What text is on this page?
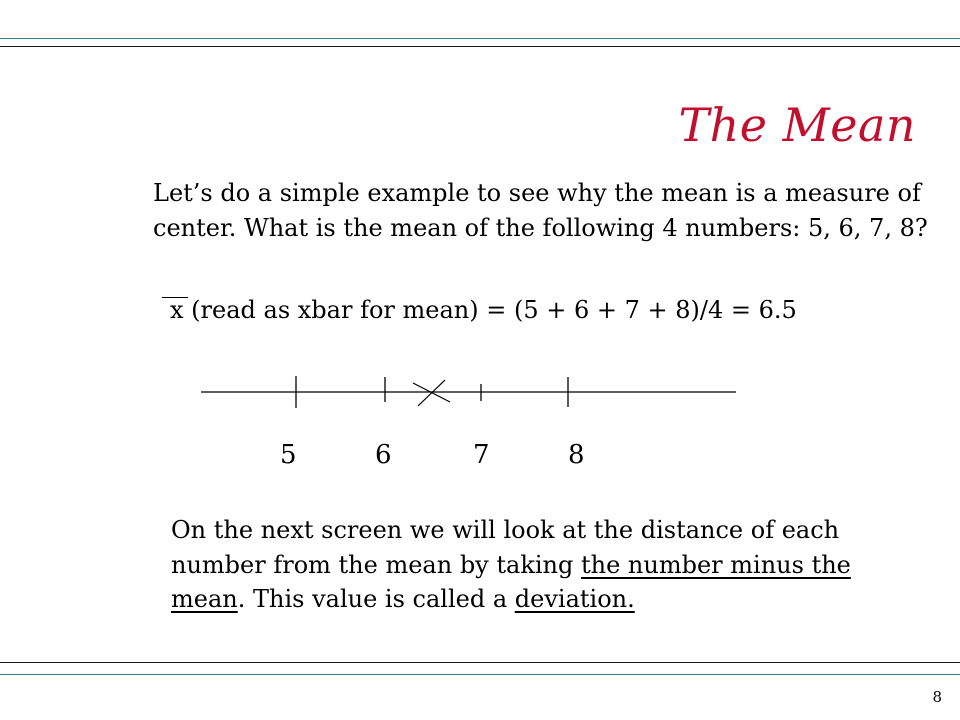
The Mean

Let’s do a simple example to see why the mean is a measure of center. What is the mean of the following 4 numbers: 5, 6, 7, 8?

x (read as xbar for mean) = (5 + 6 + 7 + 8)/4 = 6.5
5	6	7	8

On the next screen we will look at the distance of each number from the mean by taking the number minus the mean. This value is called a deviation.

8
